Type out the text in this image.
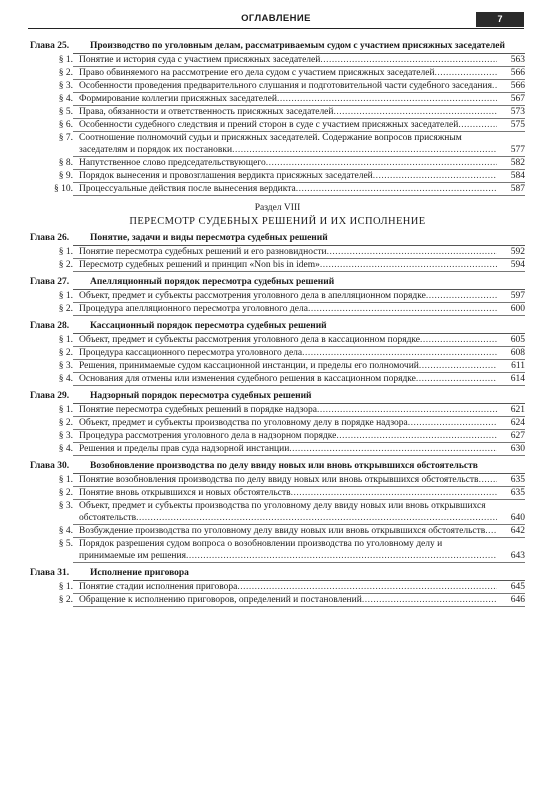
ОГЛАВЛЕНИЕ	7
Глава 25.	Производство по уголовным делам, рассматриваемым судом с участием присяжных заседателей
§ 1. Понятие и история суда с участием присяжных заседателей .....	563
§ 2. Право обвиняемого на рассмотрение его дела судом с участием присяжных заседателей .....	566
§ 3. Особенности проведения предварительного слушания и подготовительной части судебного заседания .....	566
§ 4. Формирование коллегии присяжных заседателей .....	567
§ 5. Права, обязанности и ответственность присяжных заседателей .....	573
§ 6. Особенности судебного следствия и прений сторон в суде с участием присяжных заседателей .....	575
§ 7. Соотношение полномочий судьи и присяжных заседателей. Содержание вопросов присяжным заседателям и порядок их постановки .....	577
§ 8. Напутственное слово председательствующего .....	582
§ 9. Порядок вынесения и провозглашения вердикта присяжных заседателей .....	584
§ 10. Процессуальные действия после вынесения вердикта .....	587
Раздел VIII
ПЕРЕСМОТР СУДЕБНЫХ РЕШЕНИЙ И ИХ ИСПОЛНЕНИЕ
Глава 26.	Понятие, задачи и виды пересмотра судебных решений
§ 1. Понятие пересмотра судебных решений и его разновидности .....	592
§ 2. Пересмотр судебных решений и принцип «Non bis in idem» .....	594
Глава 27.	Апелляционный порядок пересмотра судебных решений
§ 1. Объект, предмет и субъекты рассмотрения уголовного дела в апелляционном порядке .....	597
§ 2. Процедура апелляционного пересмотра уголовного дела .....	600
Глава 28.	Кассационный порядок пересмотра судебных решений
§ 1. Объект, предмет и субъекты рассмотрения уголовного дела в кассационном порядке .....	605
§ 2. Процедура кассационного пересмотра уголовного дела .....	608
§ 3. Решения, принимаемые судом кассационной инстанции, и пределы его полномочий .....	611
§ 4. Основания для отмены или изменения судебного решения в кассационном порядке .....	614
Глава 29.	Надзорный порядок пересмотра судебных решений
§ 1. Понятие пересмотра судебных решений в порядке надзора .....	621
§ 2. Объект, предмет и субъекты производства по уголовному делу в порядке надзора .....	624
§ 3. Процедура рассмотрения уголовного дела в надзорном порядке .....	627
§ 4. Решения и пределы прав суда надзорной инстанции .....	630
Глава 30.	Возобновление производства по делу ввиду новых или вновь открывшихся обстоятельств
§ 1. Понятие возобновления производства по делу ввиду новых или вновь открывшихся обстоятельств .....	635
§ 2. Понятие вновь открывшихся и новых обстоятельств .....	635
§ 3. Объект, предмет и субъекты производства по уголовному делу ввиду новых или вновь открывшихся обстоятельств .....	640
§ 4. Возбуждение производства по уголовному делу ввиду новых или вновь открывшихся обстоятельств .....	642
§ 5. Порядок разрешения судом вопроса о возобновлении производства по уголовному делу и принимаемые им решения .....	643
Глава 31.	Исполнение приговора
§ 1. Понятие стадии исполнения приговора .....	645
§ 2. Обращение к исполнению приговоров, определений и постановлений .....	646
